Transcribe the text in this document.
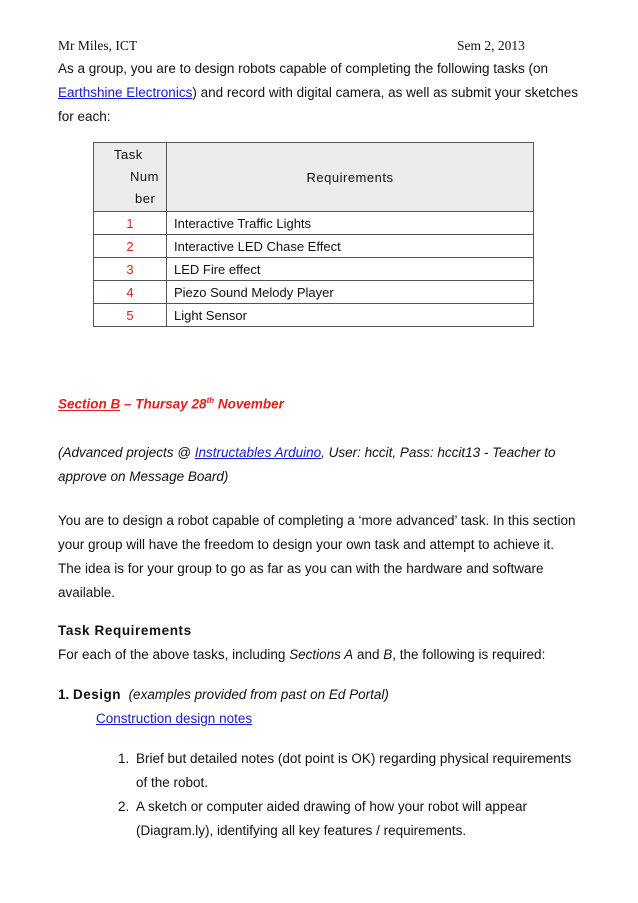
Mr Miles, ICT	Sem 2, 2013
As a group, you are to design robots capable of completing the following tasks (on Earthshine Electronics) and record with digital camera, as well as submit your sketches for each:
Task
Num
ber	Requirements
1	Interactive Traffic Lights
2	Interactive LED Chase Effect
3	LED Fire effect
4	Piezo Sound Melody Player
5	Light Sensor
Section B – Thursay 28th November
(Advanced projects @ Instructables Arduino, User: hccit, Pass: hccit13 - Teacher to approve on Message Board)
You are to design a robot capable of completing a ‘more advanced’ task. In this section your group will have the freedom to design your own task and attempt to achieve it. The idea is for your group to go as far as you can with the hardware and software available.
Task Requirements
For each of the above tasks, including Sections A and B, the following is required:
1. Design (examples provided from past on Ed Portal)
Construction design notes
1. Brief but detailed notes (dot point is OK) regarding physical requirements of the robot.
2. A sketch or computer aided drawing of how your robot will appear (Diagram.ly), identifying all key features / requirements.
